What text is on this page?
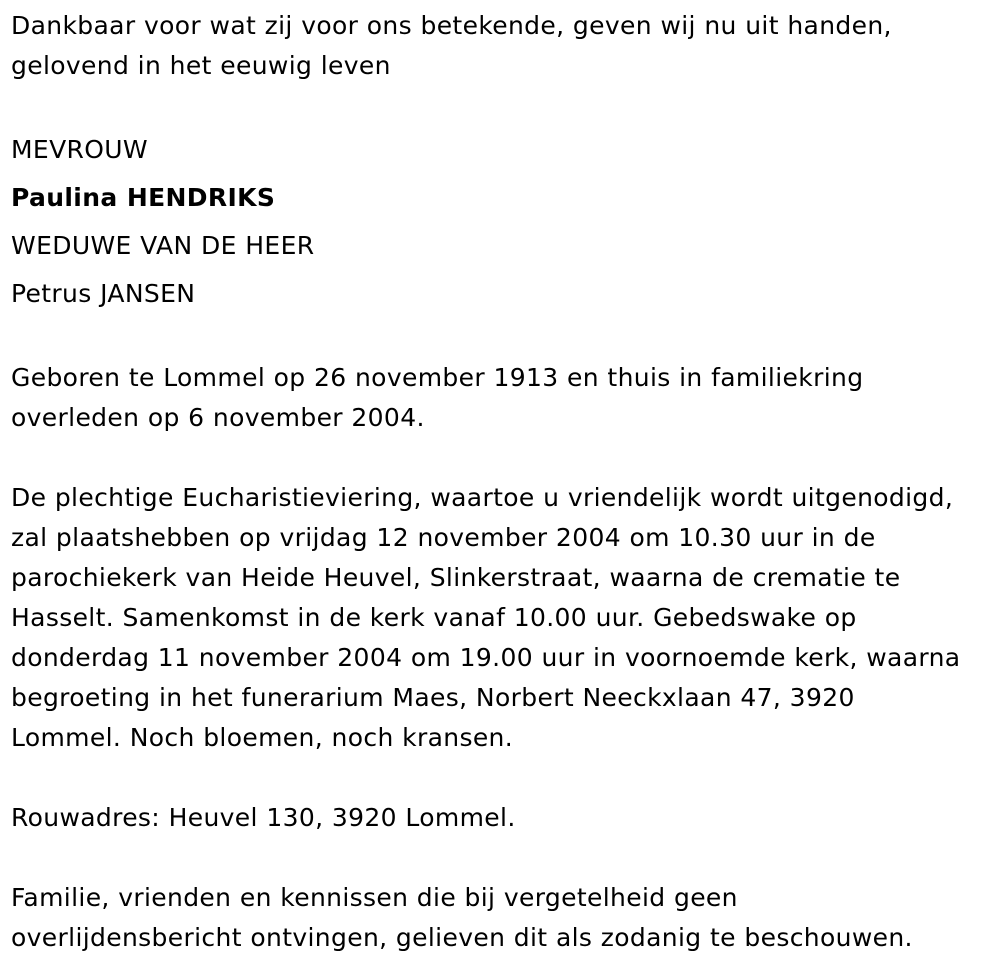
Dankbaar voor wat zij voor ons betekende, geven wij nu uit handen,
gelovend in het eeuwig leven

MEVROUW
Paulina HENDRIKS
WEDUWE VAN DE HEER
Petrus JANSEN

Geboren te Lommel op 26 november 1913 en thuis in familiekring
overleden op 6 november 2004.

De plechtige Eucharistieviering, waartoe u vriendelijk wordt uitgenodigd,
zal plaatshebben op vrijdag 12 november 2004 om 10.30 uur in de
parochiekerk van Heide Heuvel, Slinkerstraat, waarna de crematie te
Hasselt. Samenkomst in de kerk vanaf 10.00 uur. Gebedswake op
donderdag 11 november 2004 om 19.00 uur in voornoemde kerk, waarna
begroeting in het funerarium Maes, Norbert Neeckxlaan 47, 3920
Lommel. Noch bloemen, noch kransen.

Rouwadres: Heuvel 130, 3920 Lommel.

Familie, vrienden en kennissen die bij vergetelheid geen
overlijdensbericht ontvingen, gelieven dit als zodanig te beschouwen.
